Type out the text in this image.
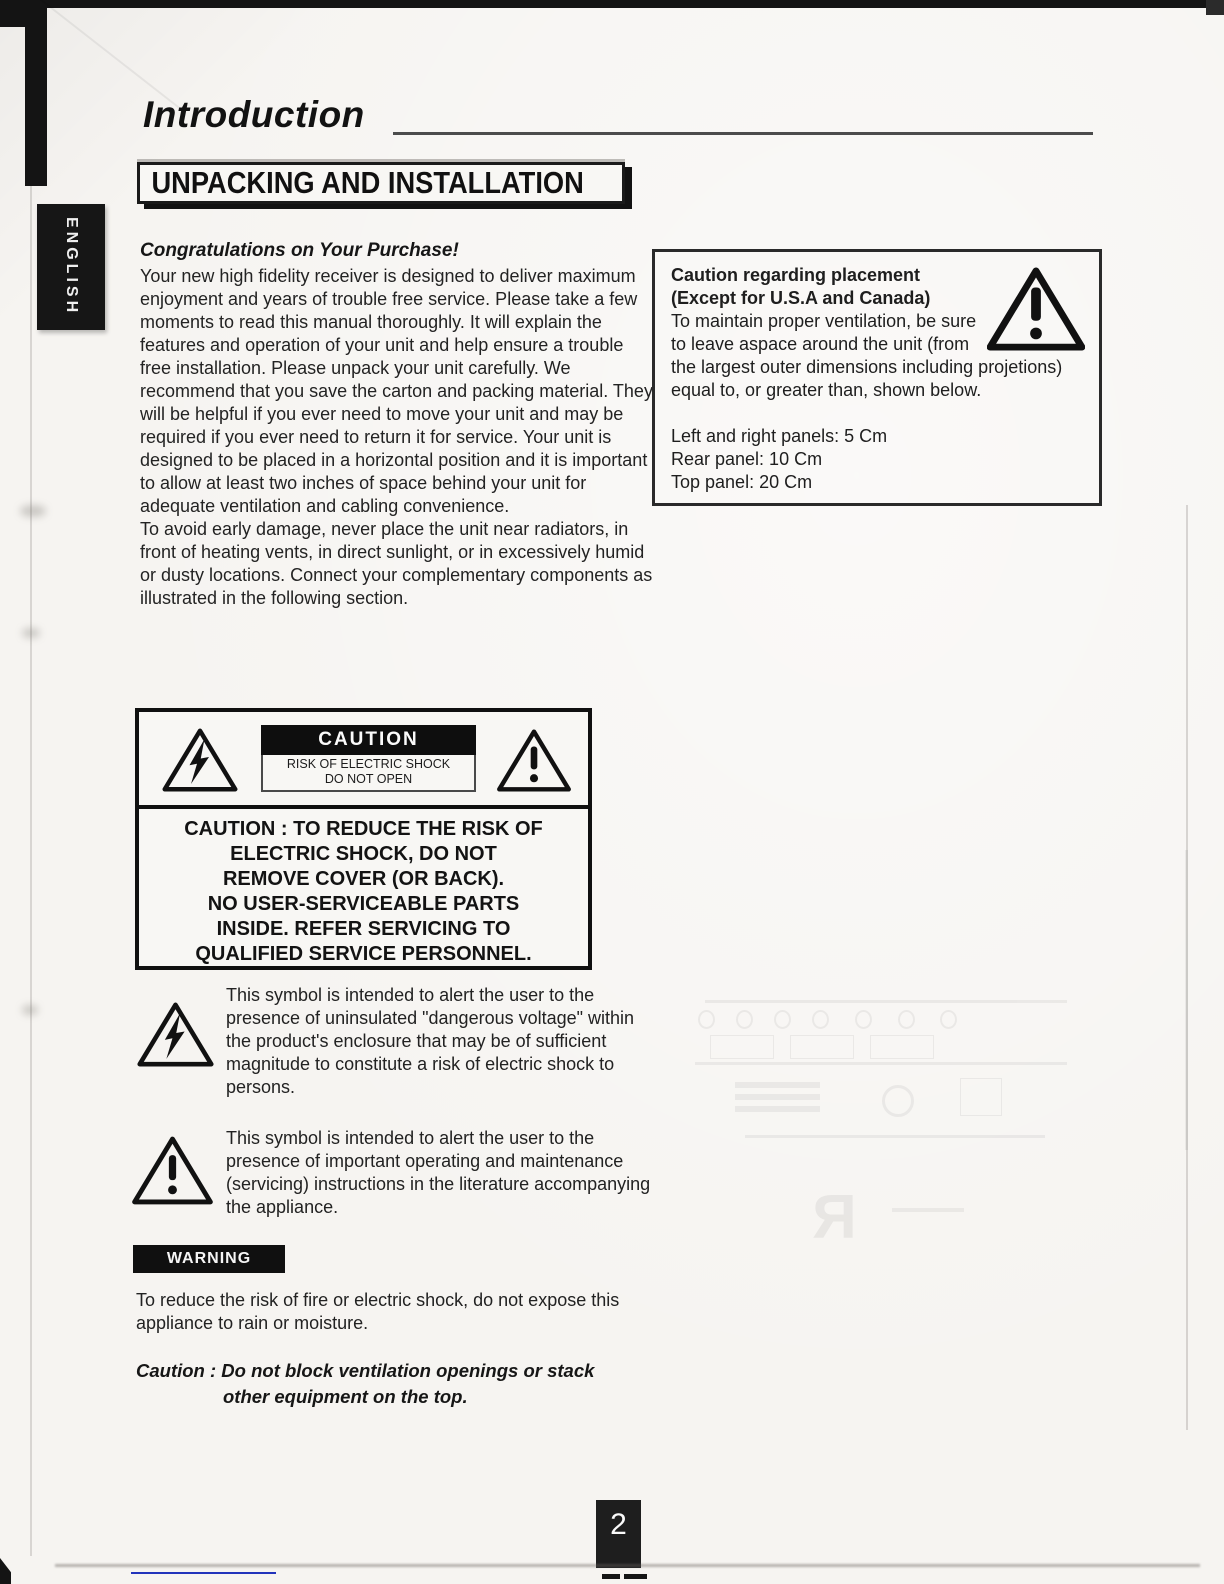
Introduction
UNPACKING AND INSTALLATION
ENGLISH	Congratulations on Your Purchase!
Your new high fidelity receiver is designed to deliver maximum enjoyment and years of trouble free service. Please take a few moments to read this manual thoroughly. It will explain the features and operation of your unit and help ensure a trouble free installation. Please unpack your unit carefully. We recommend that you save the carton and packing material. They will be helpful if you ever need to move your unit and may be required if you ever need to return it for service. Your unit is designed to be placed in a horizontal position and it is important to allow at least two inches of space behind your unit for adequate ventilation and cabling convenience.
To avoid early damage, never place the unit near radiators, in front of heating vents, in direct sunlight, or in excessively humid or dusty locations. Connect your complementary components as illustrated in the following section.
Caution regarding placement
(Except for U.S.A and Canada)
To maintain proper ventilation, be sure to leave aspace around the unit (from the largest outer dimensions including projetions) equal to, or greater than, shown below.
Left and right panels: 5 Cm
Rear panel: 10 Cm
Top panel: 20 Cm
CAUTION
RISK OF ELECTRIC SHOCK
DO NOT OPEN
CAUTION : TO REDUCE THE RISK OF
ELECTRIC SHOCK, DO NOT
REMOVE COVER (OR BACK).
NO USER-SERVICEABLE PARTS
INSIDE. REFER SERVICING TO
QUALIFIED SERVICE PERSONNEL.
This symbol is intended to alert the user to the presence of uninsulated "dangerous voltage" within the product's enclosure that may be of sufficient magnitude to constitute a risk of electric shock to persons.
This symbol is intended to alert the user to the presence of important operating and maintenance (servicing) instructions in the literature accompanying the appliance.
WARNING
To reduce the risk of fire or electric shock, do not expose this appliance to rain or moisture.
Caution : Do not block ventilation openings or stack
other equipment on the top.
R
2
